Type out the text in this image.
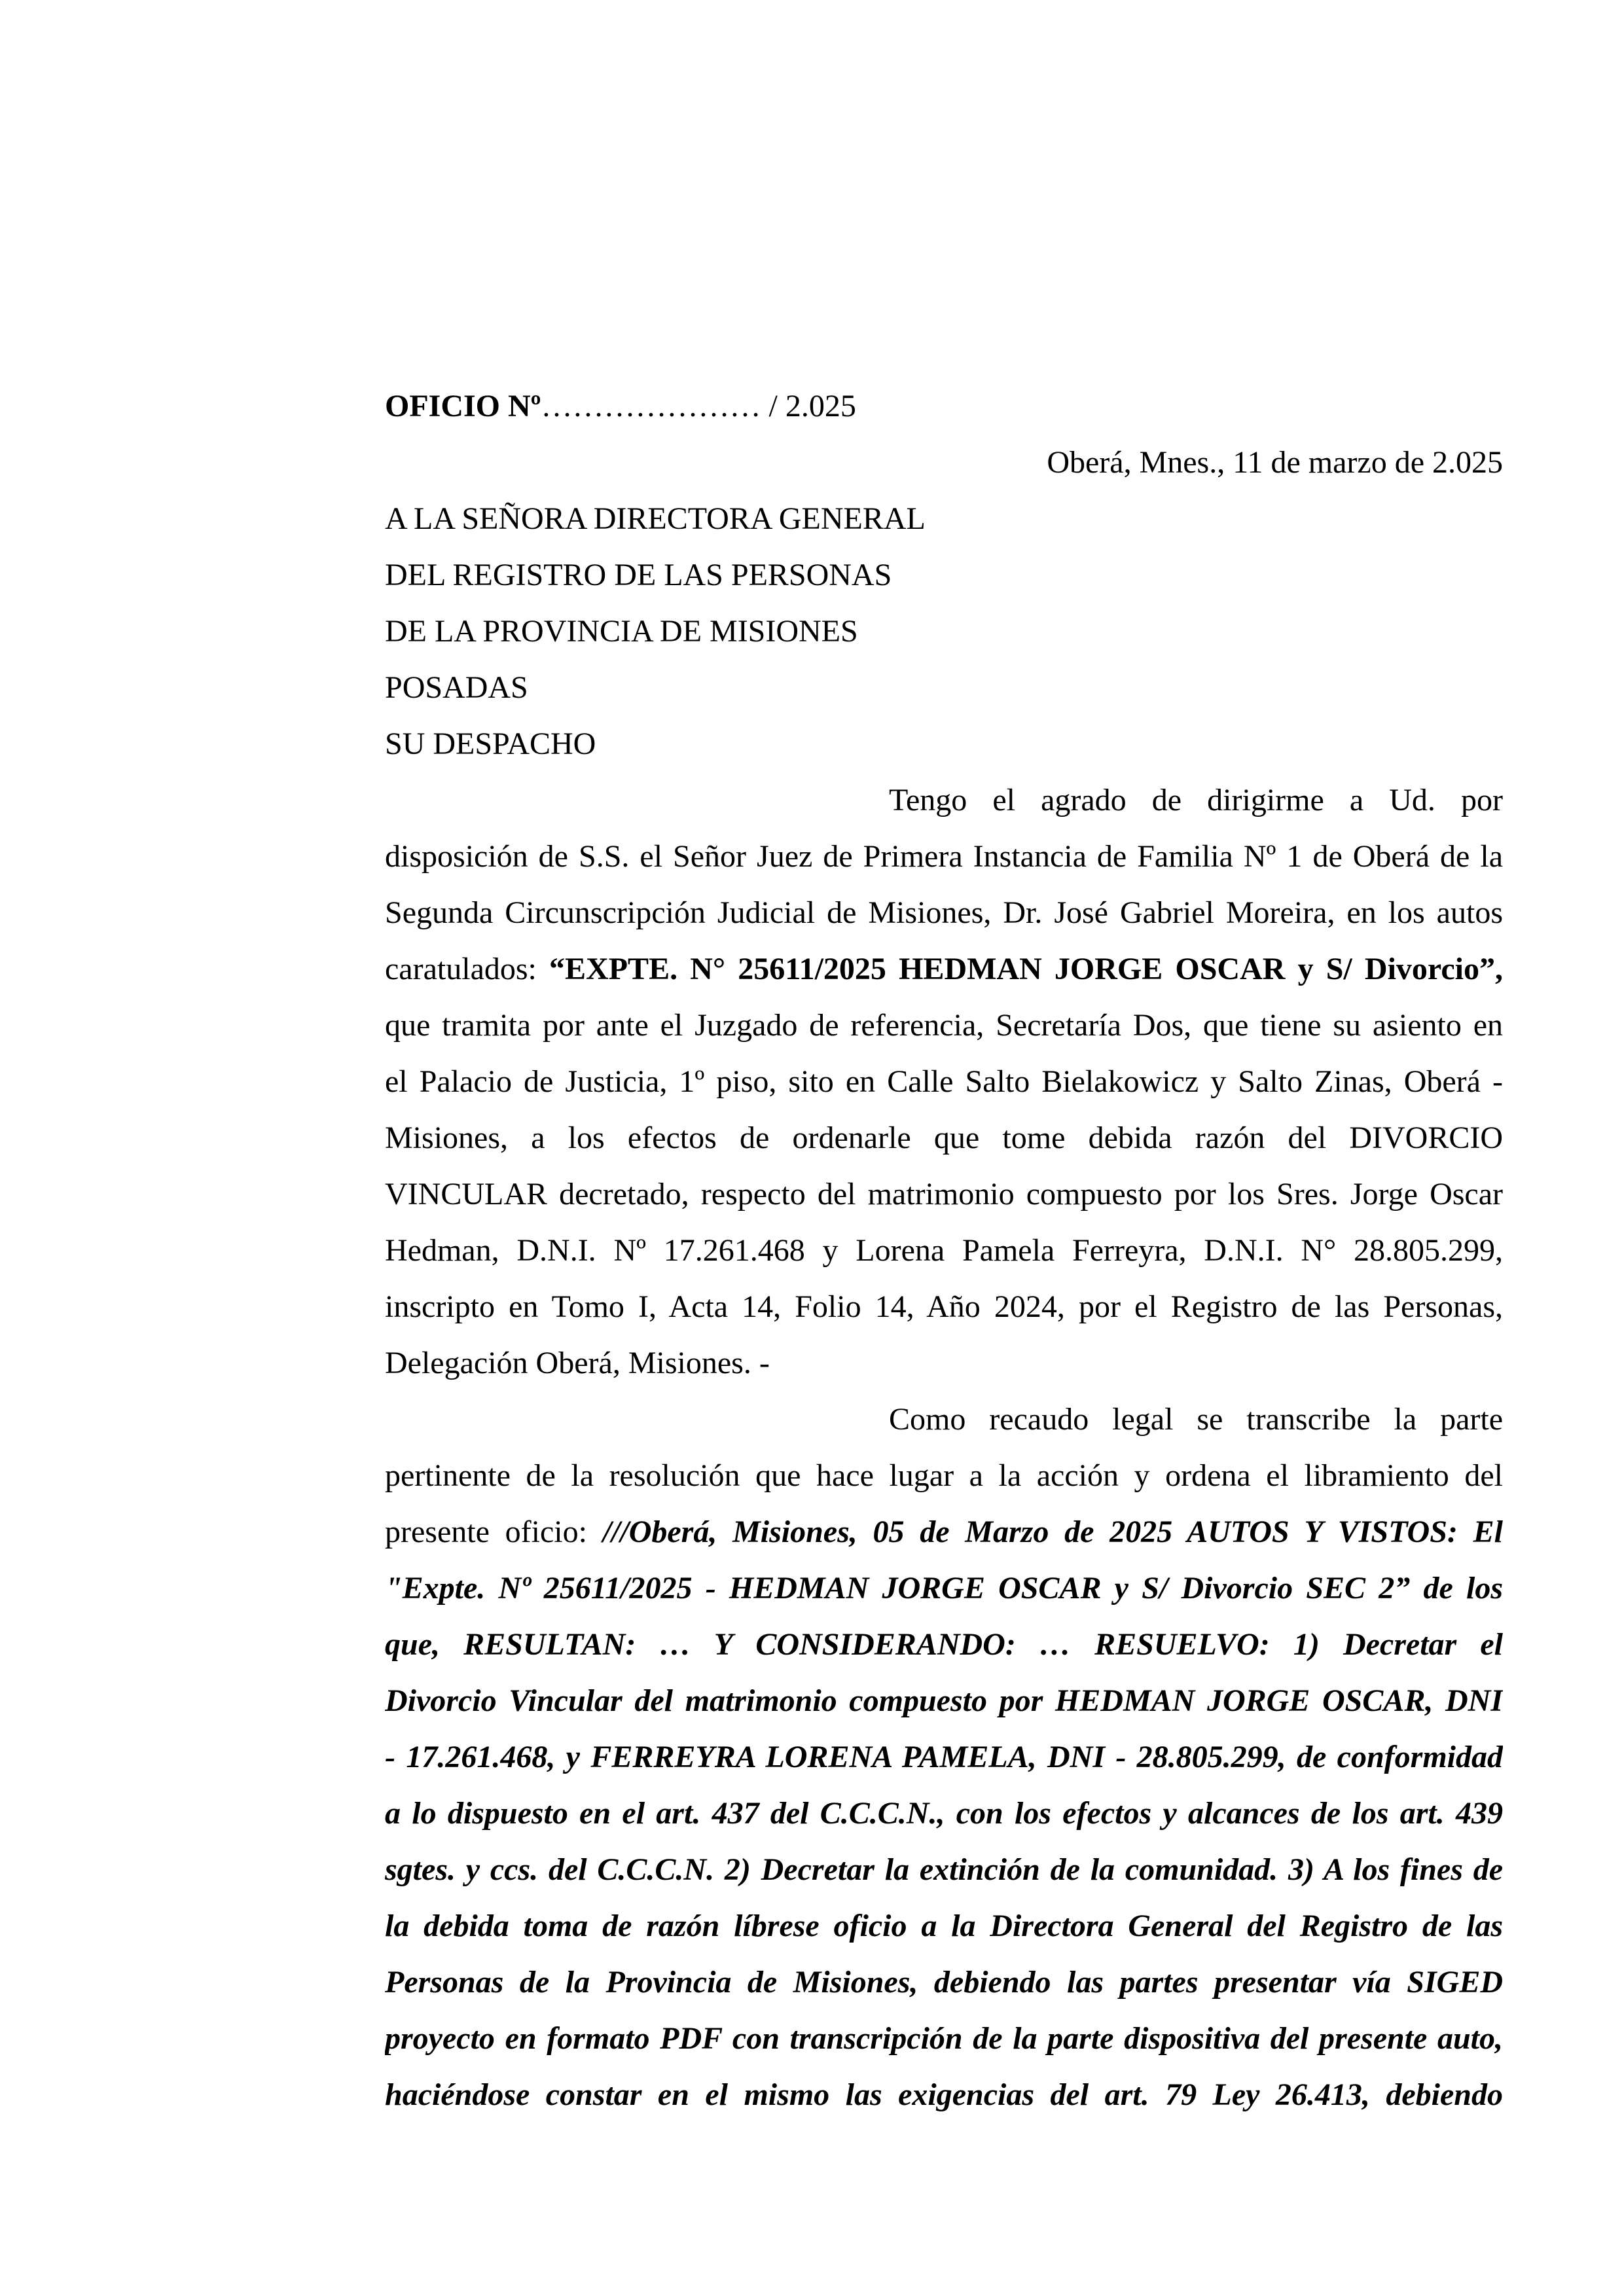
OFICIO Nº………………… / 2.025
Oberá, Mnes., 11 de marzo de 2.025
A LA SEÑORA DIRECTORA GENERAL
DEL REGISTRO DE LAS PERSONAS
DE LA PROVINCIA DE MISIONES
POSADAS
SU DESPACHO
Tengo el agrado de dirigirme a Ud. por
disposición de S.S. el Señor Juez de Primera Instancia de Familia Nº 1 de Oberá de la
Segunda Circunscripción Judicial de Misiones, Dr. José Gabriel Moreira, en los autos
caratulados: “EXPTE. N° 25611/2025 HEDMAN JORGE OSCAR y S/ Divorcio”,
que tramita por ante el Juzgado de referencia, Secretaría Dos, que tiene su asiento en
el Palacio de Justicia, 1º piso, sito en Calle Salto Bielakowicz y Salto Zinas, Oberá -
Misiones, a los efectos de ordenarle que tome debida razón del DIVORCIO
VINCULAR decretado, respecto del matrimonio compuesto por los Sres. Jorge Oscar
Hedman, D.N.I. Nº 17.261.468 y Lorena Pamela Ferreyra, D.N.I. N° 28.805.299,
inscripto en Tomo I, Acta 14, Folio 14, Año 2024, por el Registro de las Personas,
Delegación Oberá, Misiones. -
Como recaudo legal se transcribe la parte
pertinente de la resolución que hace lugar a la acción y ordena el libramiento del
presente oficio: ///Oberá, Misiones, 05 de Marzo de 2025 AUTOS Y VISTOS: El
"Expte. Nº 25611/2025 - HEDMAN JORGE OSCAR y S/ Divorcio SEC 2” de los
que, RESULTAN: … Y CONSIDERANDO: … RESUELVO: 1) Decretar el
Divorcio Vincular del matrimonio compuesto por HEDMAN JORGE OSCAR, DNI
- 17.261.468, y FERREYRA LORENA PAMELA, DNI - 28.805.299, de conformidad
a lo dispuesto en el art. 437 del C.C.C.N., con los efectos y alcances de los art. 439
sgtes. y ccs. del C.C.C.N. 2) Decretar la extinción de la comunidad. 3) A los fines de
la debida toma de razón líbrese oficio a la Directora General del Registro de las
Personas de la Provincia de Misiones, debiendo las partes presentar vía SIGED
proyecto en formato PDF con transcripción de la parte dispositiva del presente auto,
haciéndose constar en el mismo las exigencias del art. 79 Ley 26.413, debiendo
